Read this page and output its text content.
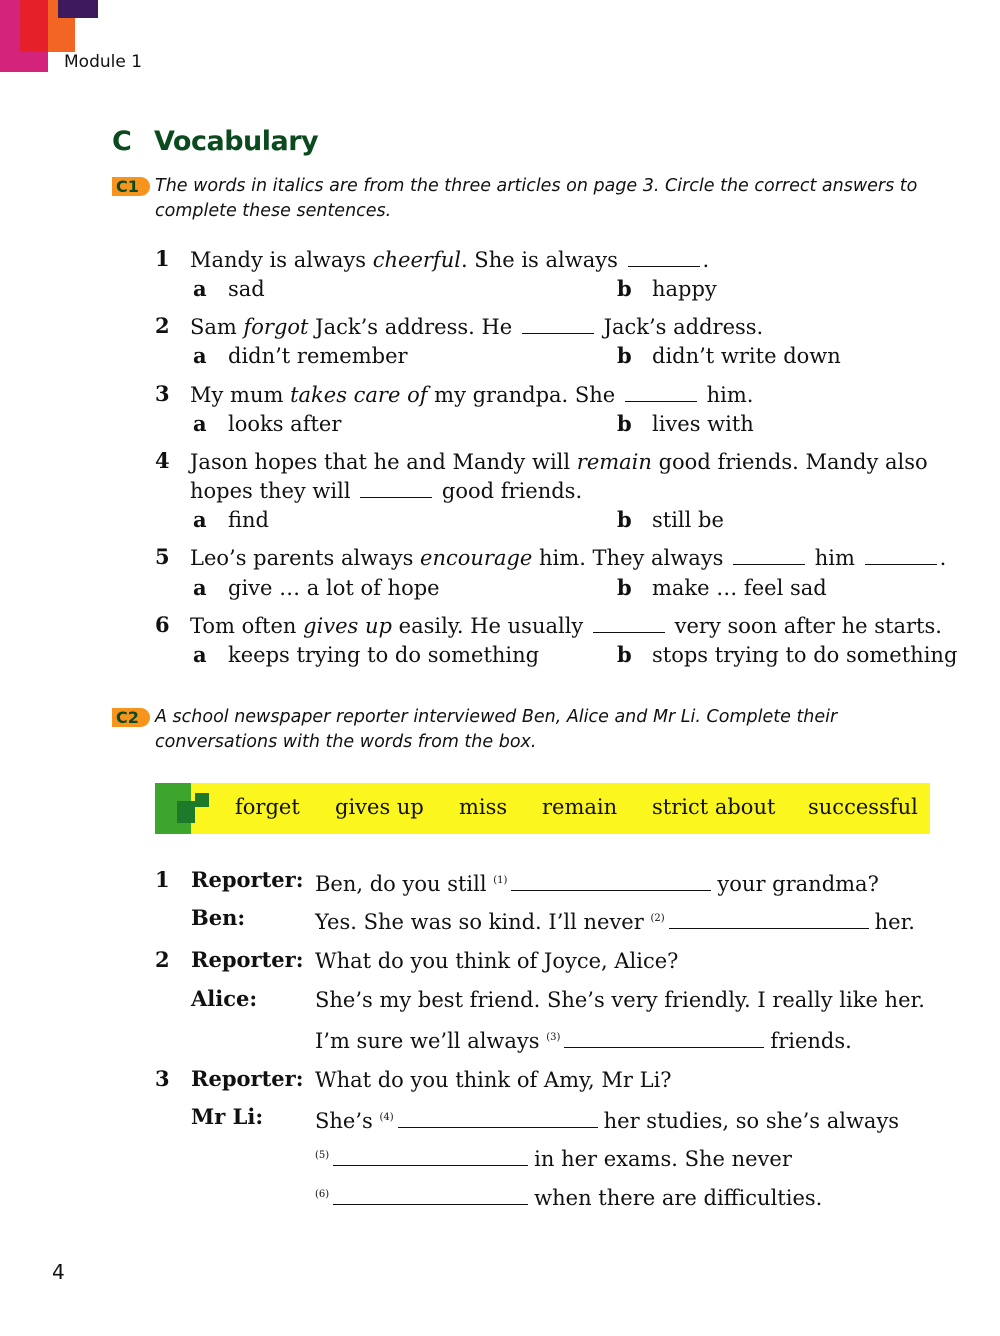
Module 1
C Vocabulary
C1 The words in italics are from the three articles on page 3. Circle the correct answers to complete these sentences.
1 Mandy is always cheerful. She is always	.
a sad	b happy
2 Sam forgot Jack’s address. He	Jack’s address.
a didn’t remember	b didn’t write down
3 My mum takes care of my grandpa. She	him.
a looks after	b lives with
4 Jason hopes that he and Mandy will remain good friends. Mandy also
hopes they will	good friends.
a find	b still be
5 Leo’s parents always encourage him. They always	him	.
a give … a lot of hope	b make … feel sad
6 Tom often gives up easily. He usually	very soon after he starts.
a keeps trying to do something	b stops trying to do something
C2 A school newspaper reporter interviewed Ben, Alice and Mr Li. Complete their conversations with the words from the box.
forget gives up miss remain strict about successful
1 Reporter: Ben, do you still $^{(1)}$	your grandma?
Ben:	Yes. She was so kind. I’ll never $^{(2)}$	her.
2 Reporter: What do you think of Joyce, Alice?
Alice:	She’s my best friend. She’s very friendly. I really like her.
I’m sure we’ll always $^{(3)}$	friends.
3 Reporter: What do you think of Amy, Mr Li?
Mr Li: She’s $^{(4)}$	her studies, so she’s always
$^{(5)}$	in her exams. She never
$^{(6)}$	when there are difficulties.
4
